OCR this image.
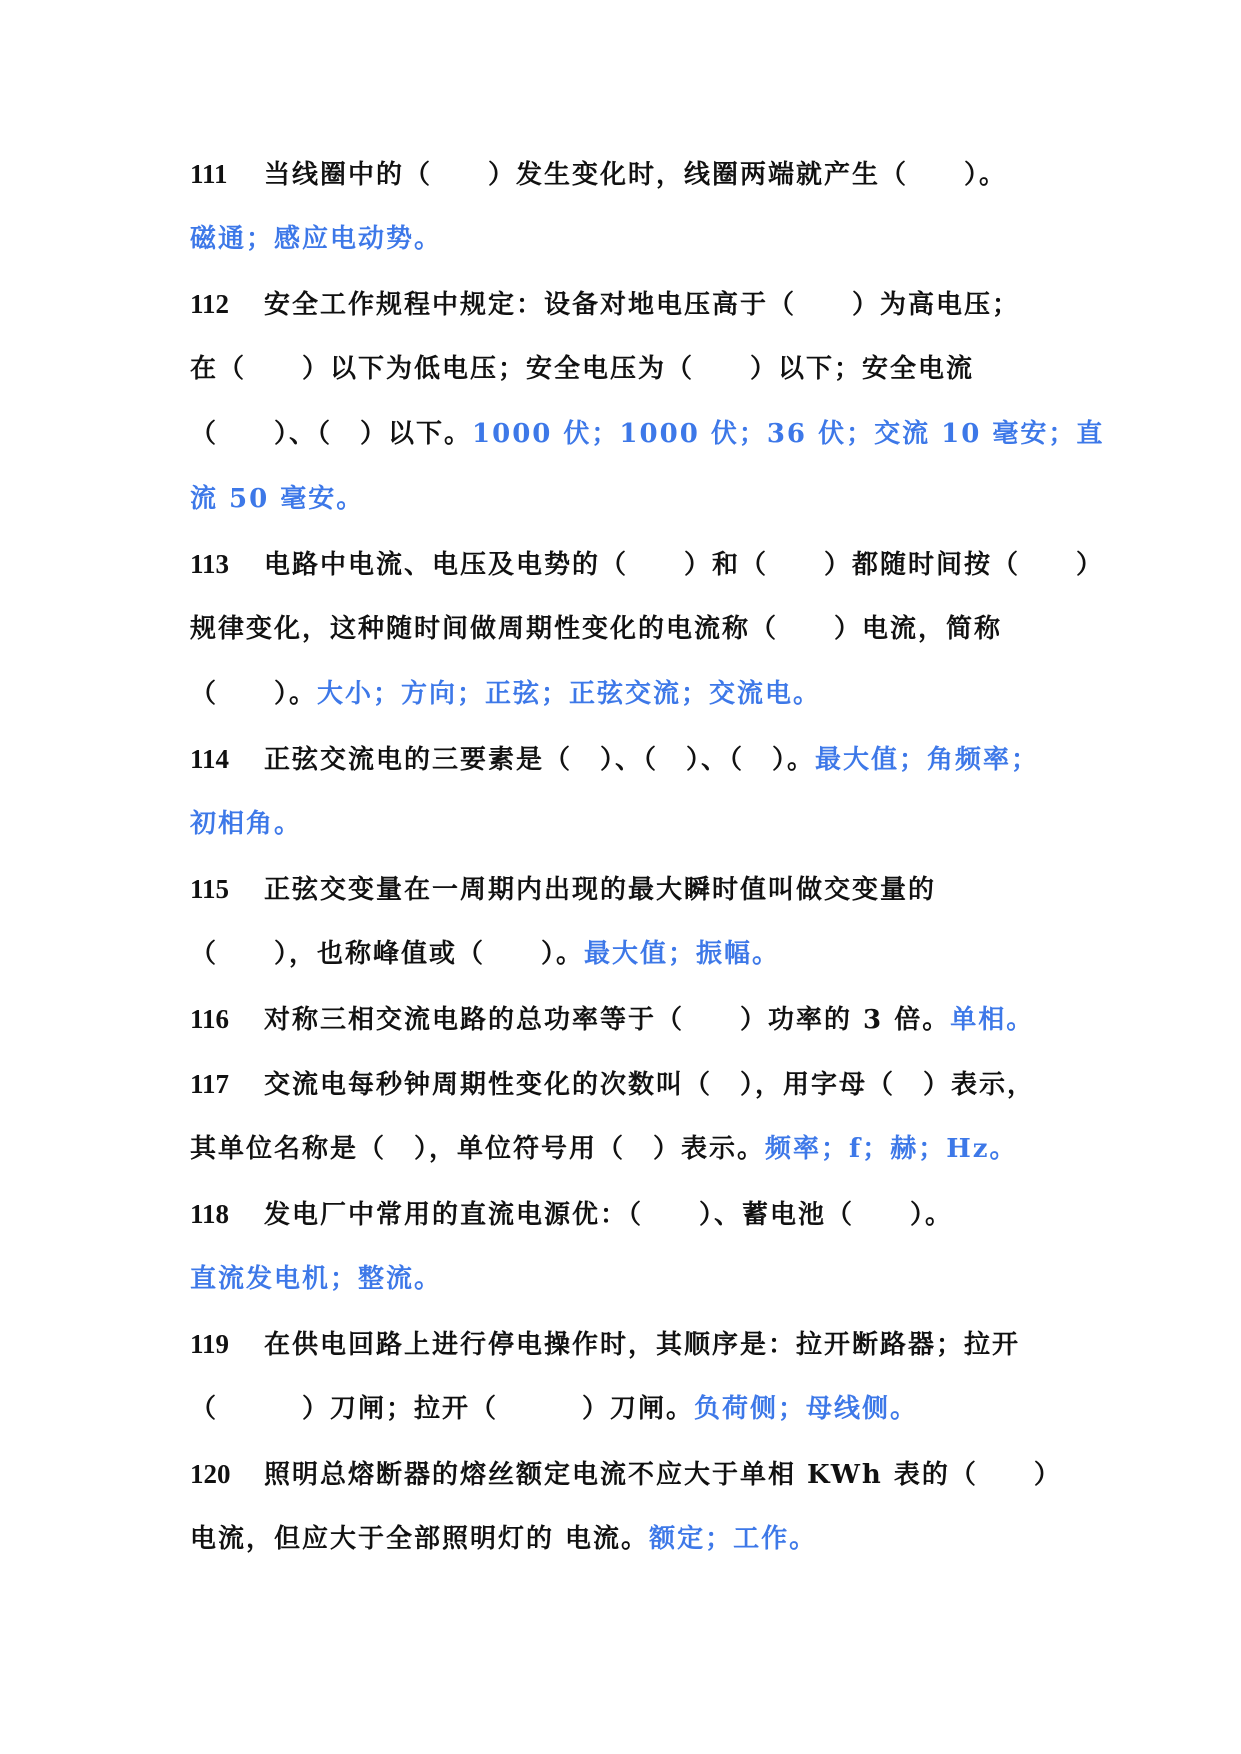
111 当线圈中的（　　）发生变化时，线圈两端就产生（　　）。
磁通；感应电动势。
112 安全工作规程中规定：设备对地电压高于（　　）为高电压；
在（　　）以下为低电压；安全电压为（　　）以下；安全电流
（　　）、（　）以下。1000 伏；1000 伏；36 伏；交流 10 毫安；直
流 50 毫安。
113 电路中电流、电压及电势的（　　）和（　　）都随时间按（　　）
规律变化，这种随时间做周期性变化的电流称（　　）电流，简称
（　　）。大小；方向；正弦；正弦交流；交流电。
114 正弦交流电的三要素是（　）、（　）、（　）。最大值；角频率；
初相角。
115 正弦交变量在一周期内出现的最大瞬时值叫做交变量的
（　　），也称峰值或（　　）。最大值；振幅。
116 对称三相交流电路的总功率等于（　　）功率的 3 倍。单相。
117 交流电每秒钟周期性变化的次数叫（　），用字母（　）表示，
其单位名称是（　），单位符号用（　）表示。频率；f；赫；Hz。
118 发电厂中常用的直流电源优：（　　）、蓄电池（　　）。
直流发电机；整流。
119 在供电回路上进行停电操作时，其顺序是：拉开断路器；拉开
（　　　）刀闸；拉开（　　　）刀闸。负荷侧；母线侧。
120 照明总熔断器的熔丝额定电流不应大于单相 KWh 表的（　　）
电流，但应大于全部照明灯的 电流。额定；工作。
